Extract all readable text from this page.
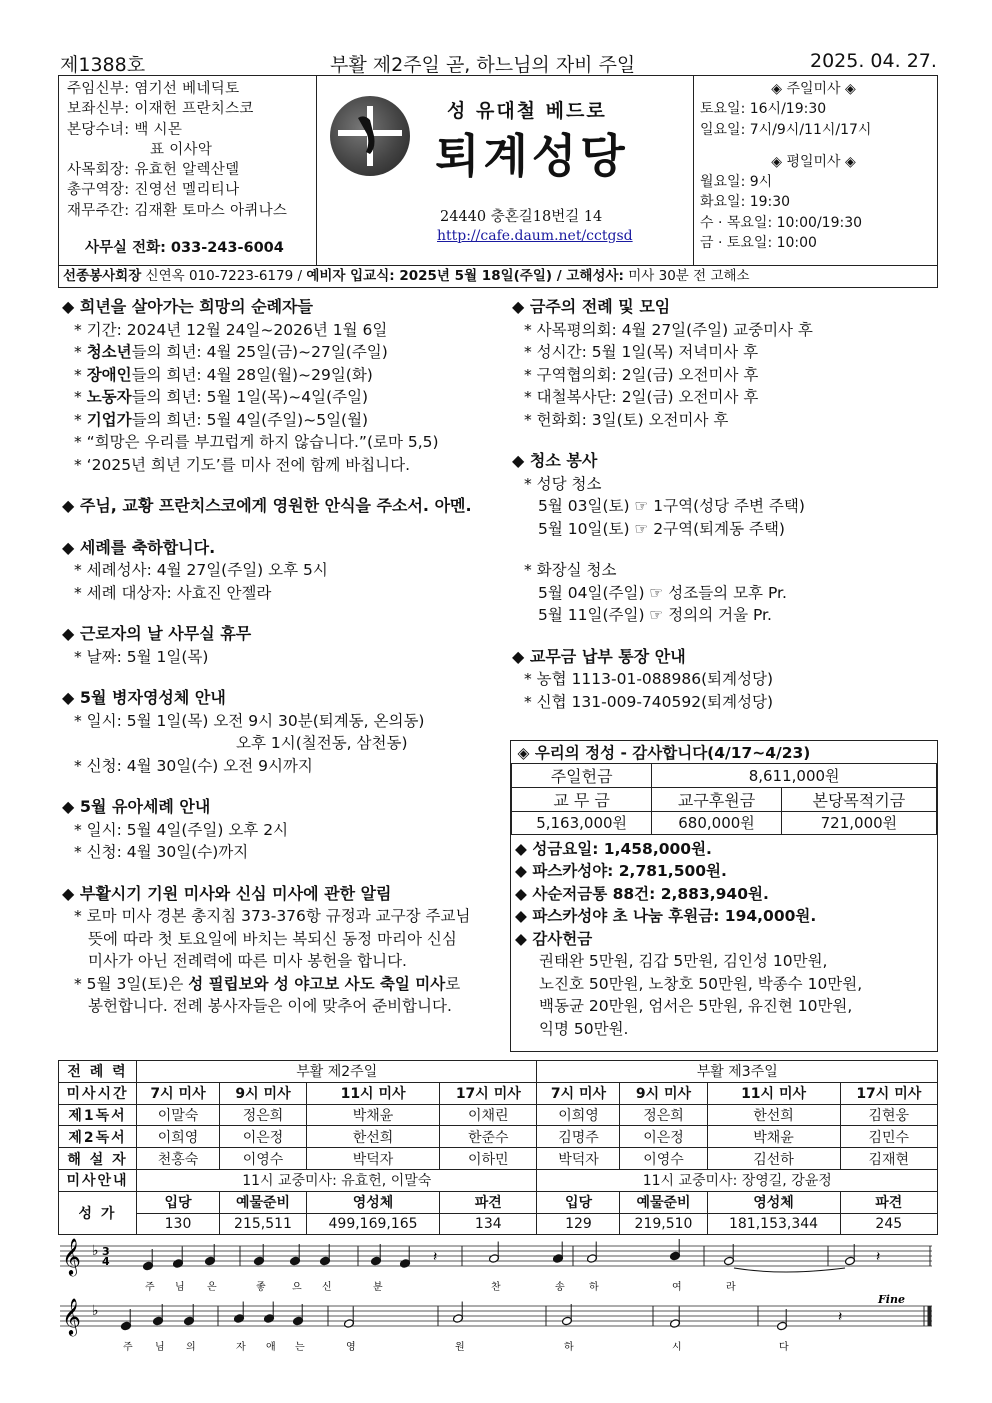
제1388호	부활 제2주일 곧, 하느님의 자비 주일	2025. 04. 27.
주임신부: 염기선 베네딕토
보좌신부: 이재헌 프란치스코
본당수녀: 백 시몬
표 이사악
사목회장: 유효헌 알렉산델
총구역장: 진영선 멜리티나
재무주간: 김재환 토마스 아퀴나스
사무실 전화: 033-243-6004
성 유대철 베드로
퇴계성당
24440 충혼길18번길 14
http://cafe.daum.net/cctgsd
◈ 주일미사 ◈
토요일: 16시/19:30
일요일: 7시/9시/11시/17시
◈ 평일미사 ◈
월요일: 9시
화요일: 19:30
수 · 목요일: 10:00/19:30
금 · 토요일: 10:00
선종봉사회장 신연옥 010-7223-6179 / 예비자 입교식: 2025년 5월 18일(주일) / 고해성사: 미사 30분 전 고해소
◆ 희년을 살아가는 희망의 순례자들
* 기간: 2024년 12월 24일~2026년 1월 6일
* 청소년들의 희년: 4월 25일(금)~27일(주일)
* 장애인들의 희년: 4월 28일(월)~29일(화)
* 노동자들의 희년: 5월 1일(목)~4일(주일)
* 기업가들의 희년: 5월 4일(주일)~5일(월)
* “희망은 우리를 부끄럽게 하지 않습니다.”(로마 5,5)
* ‘2025년 희년 기도’를 미사 전에 함께 바칩니다.
◆ 주님, 교황 프란치스코에게 영원한 안식을 주소서. 아멘.
◆ 세례를 축하합니다.
* 세례성사: 4월 27일(주일) 오후 5시
* 세례 대상자: 사효진 안젤라
◆ 근로자의 날 사무실 휴무
* 날짜: 5월 1일(목)
◆ 5월 병자영성체 안내
* 일시: 5월 1일(목) 오전 9시 30분(퇴계동, 온의동)
오후 1시(칠전동, 삼천동)
* 신청: 4월 30일(수) 오전 9시까지
◆ 5월 유아세례 안내
* 일시: 5월 4일(주일) 오후 2시
* 신청: 4월 30일(수)까지
◆ 부활시기 기원 미사와 신심 미사에 관한 알림
* 로마 미사 경본 총지침 373-376항 규정과 교구장 주교님
뜻에 따라 첫 토요일에 바치는 복되신 동정 마리아 신심
미사가 아닌 전례력에 따른 미사 봉헌을 합니다.
* 5월 3일(토)은 성 필립보와 성 야고보 사도 축일 미사로
봉헌합니다. 전례 봉사자들은 이에 맞추어 준비합니다.
◆ 금주의 전례 및 모임
* 사목평의회: 4월 27일(주일) 교중미사 후
* 성시간: 5월 1일(목) 저녁미사 후
* 구역협의회: 2일(금) 오전미사 후
* 대철복사단: 2일(금) 오전미사 후
* 헌화회: 3일(토) 오전미사 후
◆ 청소 봉사
* 성당 청소
5월 03일(토) ☞ 1구역(성당 주변 주택)
5월 10일(토) ☞ 2구역(퇴계동 주택)
* 화장실 청소
5월 04일(주일) ☞ 성조들의 모후 Pr.
5월 11일(주일) ☞ 정의의 거울 Pr.
◆ 교무금 납부 통장 안내
* 농협 1113-01-088986(퇴계성당)
* 신협 131-009-740592(퇴계성당)
◈ 우리의 정성 - 감사합니다(4/17~4/23)		
주일헌금	8,611,000원	
교 무 금	교구후원금	본당목적기금
5,163,000원	680,000원	721,000원
◆ 성금요일: 1,458,000원.
◆ 파스카성야: 2,781,500원.
◆ 사순저금통 88건: 2,883,940원.
◆ 파스카성야 초 나눔 후원금: 194,000원.
◆ 감사헌금
권태완 5만원, 김갑 5만원, 김인성 10만원,
노진호 50만원, 노창호 50만원, 박종수 10만원,
백동균 20만원, 엄서은 5만원, 유진현 10만원,
익명 50만원.
전 례 력	부활 제2주일				부활 제3주일			
미사시간	7시 미사	9시 미사	11시 미사	17시 미사	7시 미사	9시 미사	11시 미사	17시 미사
제1독서	이말숙	정은희	박채윤	이채린	이희영	정은희	한선희	김현웅
제2독서	이희영	이은정	한선희	한준수	김명주	이은정	박채윤	김민수
해 설 자	천홍숙	이영수	박덕자	이하민	박덕자	이영수	김선하	김재현
미사안내	11시 교중미사: 유효헌, 이말숙				11시 교중미사: 장영길, 강윤정			
성 가	입당	예물준비	영성체	파견	입당	예물준비	영성체	파견
	130	215,511	499,169,165	134	129	219,510	181,153,344	245
𝄞 ♭ 3
4	𝄽	𝄽
주 님 은	좋	으 신	분	찬	송 하	여	라
𝄞 ♭	𝄽
Fine
주 님 의	자 애 는	영	원	하	시	다
